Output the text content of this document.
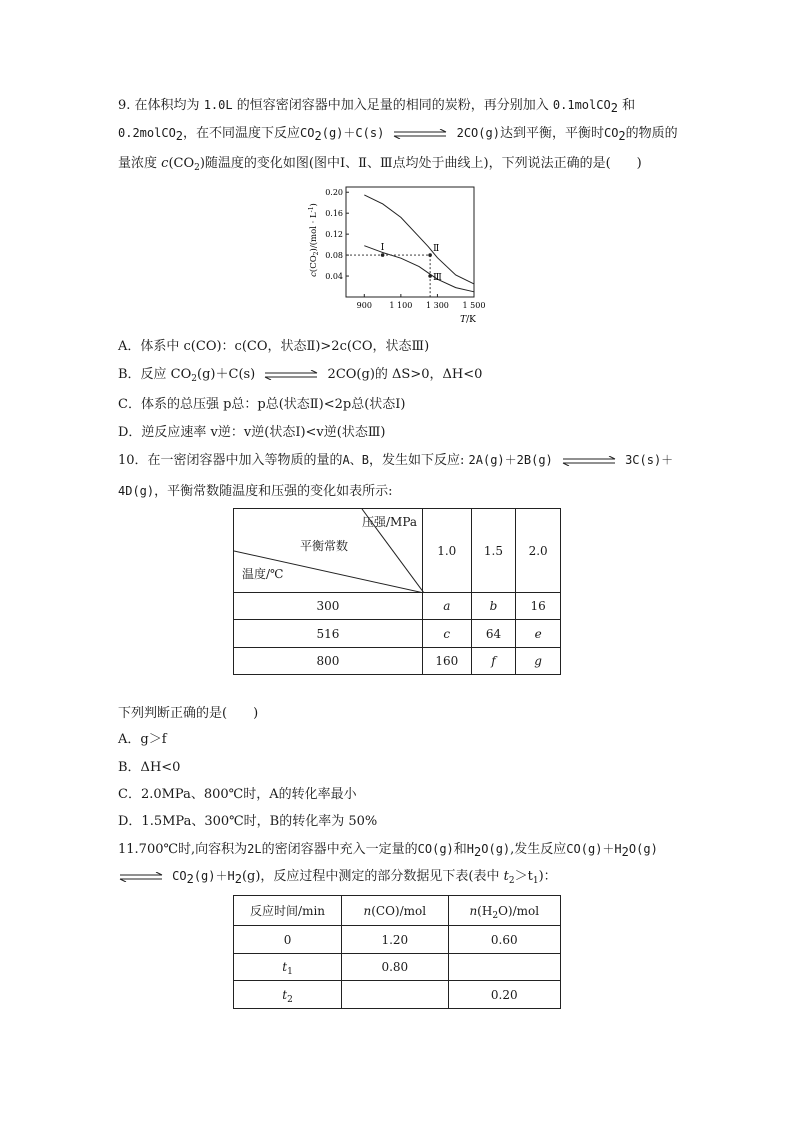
9. 在体积均为 1.0L 的恒容密闭容器中加入足量的相同的炭粉，再分别加入 0.1molCO$_2$ 和
0.2molCO$_2$，在不同温度下反应$CO_2(g)+C(s)$	2CO(g)达到平衡，平衡时$CO_2$的物质的
量浓度 $c(CO_2)$随温度的变化如图(图中Ⅰ、Ⅱ、Ⅲ点均处于曲线上)，下列说法正确的是(　　)
0.20
0.16
0.12
0.08
0.04
900 1 100 1 300 1 500
Ⅰ	Ⅱ
Ⅲ
$c(CO_2)/(mol \cdot L^{-1})$
T/K
A．体系中 c(CO)：c(CO，状态Ⅱ)>2c(CO，状态Ⅲ)
B．反应 $CO_2(g)+C(s)$	2CO(g)的 ΔS>0，ΔH<0
C．体系的总压强 p总：p总(状态Ⅱ)<2p总(状态Ⅰ)
D．逆反应速率 v逆：v逆(状态Ⅰ)<v逆(状态Ⅲ)
10．在一密闭容器中加入等物质的量的A、B，发生如下反应: 2A(g)＋2B(g)	3C(s)＋
4D(g)，平衡常数随温度和压强的变化如表所示:
压强/MPa
平衡常数
温度/℃	1.0	1.5	2.0
300	a	b	16
516	c	64	e
800	160	f	g
下列判断正确的是(　　)
A．g＞f
B．ΔH<0
C．2.0MPa、800℃时，A的转化率最小
D．1.5MPa、300℃时，B的转化率为 50%
11.700℃时,向容积为2L的密闭容器中充入一定量的CO(g)和$H_2O(g)$,发生反应$CO(g)+H_2O(g)$
⇌ $CO_2(g)+H_2(g)$，反应过程中测定的部分数据见下表(表中 $t_2>t_1$)：
反应时间/min	n(CO)/mol	$n(H_2O)$/mol
0	1.20	0.60
$t_1$	0.80	
$t_2$		0.20
